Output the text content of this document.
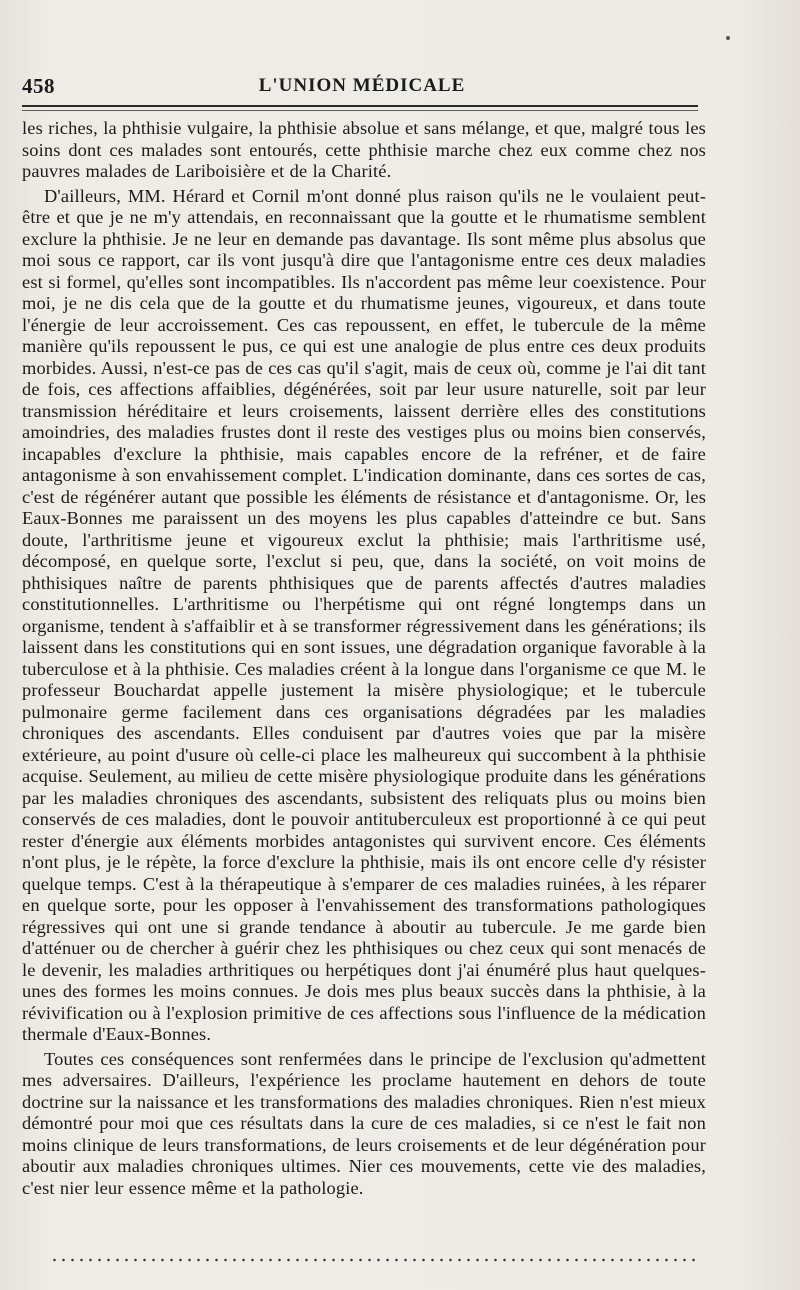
458	L'UNION MÉDICALE

les riches, la phthisie vulgaire, la phthisie absolue et sans mélange, et que, malgré tous les soins dont ces malades sont entourés, cette phthisie marche chez eux comme chez nos pauvres malades de Lariboisière et de la Charité.

D'ailleurs, MM. Hérard et Cornil m'ont donné plus raison qu'ils ne le voulaient peut-être et que je ne m'y attendais, en reconnaissant que la goutte et le rhumatisme semblent exclure la phthisie. Je ne leur en demande pas davantage. Ils sont même plus absolus que moi sous ce rapport, car ils vont jusqu'à dire que l'antagonisme entre ces deux maladies est si formel, qu'elles sont incompatibles. Ils n'accordent pas même leur coexistence. Pour moi, je ne dis cela que de la goutte et du rhumatisme jeunes, vigoureux, et dans toute l'énergie de leur accroissement. Ces cas repoussent, en effet, le tubercule de la même manière qu'ils repoussent le pus, ce qui est une analogie de plus entre ces deux produits morbides. Aussi, n'est-ce pas de ces cas qu'il s'agit, mais de ceux où, comme je l'ai dit tant de fois, ces affections affaiblies, dégénérées, soit par leur usure naturelle, soit par leur transmission héréditaire et leurs croisements, laissent derrière elles des constitutions amoindries, des maladies frustes dont il reste des vestiges plus ou moins bien conservés, incapables d'exclure la phthisie, mais capables encore de la refréner, et de faire antagonisme à son envahissement complet. L'indication dominante, dans ces sortes de cas, c'est de régénérer autant que possible les éléments de résistance et d'antagonisme. Or, les Eaux-Bonnes me paraissent un des moyens les plus capables d'atteindre ce but. Sans doute, l'arthritisme jeune et vigoureux exclut la phthisie; mais l'arthritisme usé, décomposé, en quelque sorte, l'exclut si peu, que, dans la société, on voit moins de phthisiques naître de parents phthisiques que de parents affectés d'autres maladies constitutionnelles. L'arthritisme ou l'herpétisme qui ont régné longtemps dans un organisme, tendent à s'affaiblir et à se transformer régressivement dans les générations; ils laissent dans les constitutions qui en sont issues, une dégradation organique favorable à la tuberculose et à la phthisie. Ces maladies créent à la longue dans l'organisme ce que M. le professeur Bouchardat appelle justement la misère physiologique; et le tubercule pulmonaire germe facilement dans ces organisations dégradées par les maladies chroniques des ascendants. Elles conduisent par d'autres voies que par la misère extérieure, au point d'usure où celle-ci place les malheureux qui succombent à la phthisie acquise. Seulement, au milieu de cette misère physiologique produite dans les générations par les maladies chroniques des ascendants, subsistent des reliquats plus ou moins bien conservés de ces maladies, dont le pouvoir antituberculeux est proportionné à ce qui peut rester d'énergie aux éléments morbides antagonistes qui survivent encore. Ces éléments n'ont plus, je le répète, la force d'exclure la phthisie, mais ils ont encore celle d'y résister quelque temps. C'est à la thérapeutique à s'emparer de ces maladies ruinées, à les réparer en quelque sorte, pour les opposer à l'envahissement des transformations pathologiques régressives qui ont une si grande tendance à aboutir au tubercule. Je me garde bien d'atténuer ou de chercher à guérir chez les phthisiques ou chez ceux qui sont menacés de le devenir, les maladies arthritiques ou herpétiques dont j'ai énuméré plus haut quelques-unes des formes les moins connues. Je dois mes plus beaux succès dans la phthisie, à la révivification ou à l'explosion primitive de ces affections sous l'influence de la médication thermale d'Eaux-Bonnes.

Toutes ces conséquences sont renfermées dans le principe de l'exclusion qu'admettent mes adversaires. D'ailleurs, l'expérience les proclame hautement en dehors de toute doctrine sur la naissance et les transformations des maladies chroniques. Rien n'est mieux démontré pour moi que ces résultats dans la cure de ces maladies, si ce n'est le fait non moins clinique de leurs transformations, de leurs croisements et de leur dégénération pour aboutir aux maladies chroniques ultimes. Nier ces mouvements, cette vie des maladies, c'est nier leur essence même et la pathologie.
